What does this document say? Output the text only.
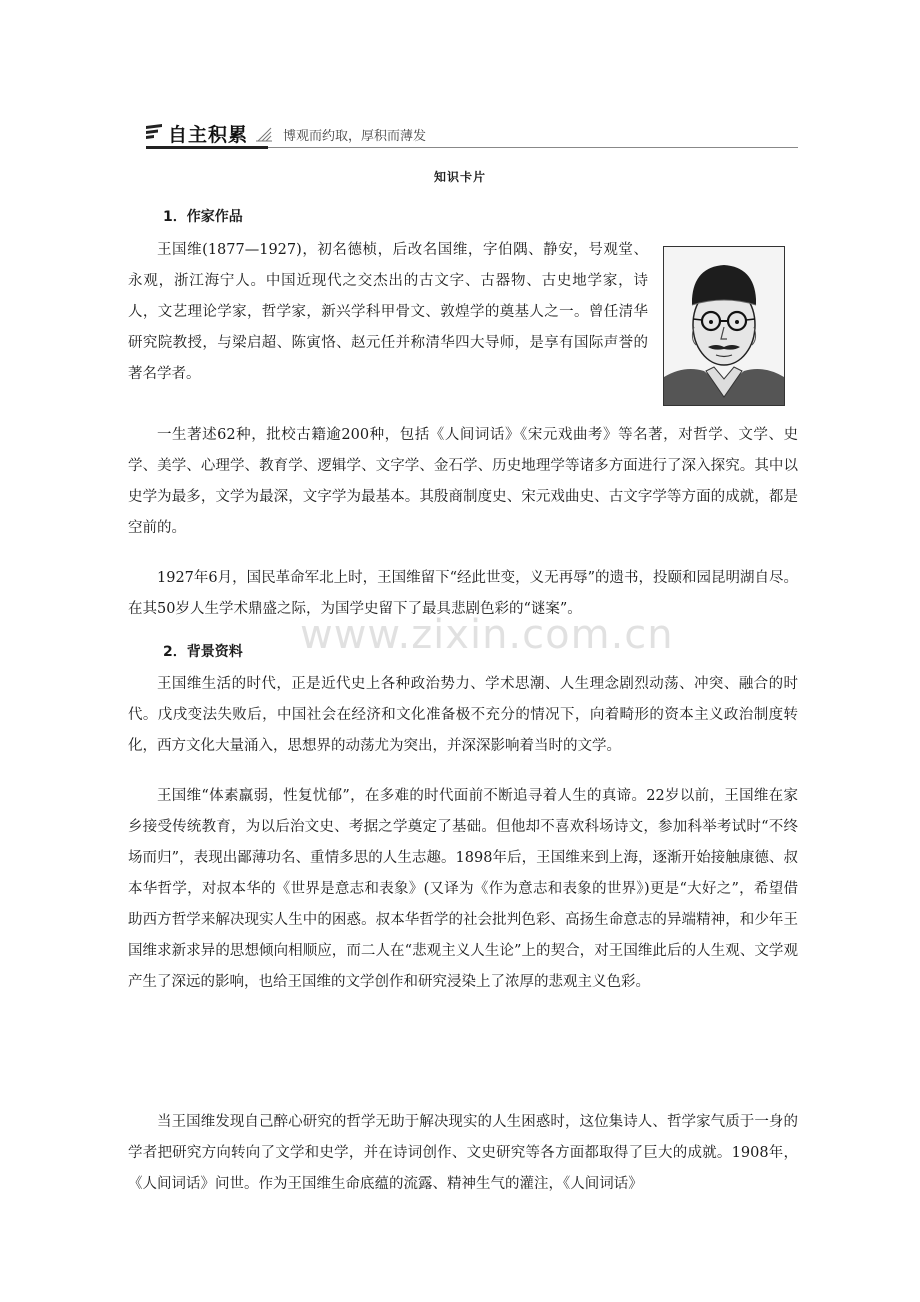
自主积累	博观而约取，厚积而薄发
知识卡片
1．作家作品

王国维(1877—1927)，初名德桢，后改名国维，字伯隅、静安，号观堂、永观，浙江海宁人。中国近现代之交杰出的古文字、古器物、古史地学家，诗人，文艺理论学家，哲学家，新兴学科甲骨文、敦煌学的奠基人之一。曾任清华研究院教授，与梁启超、陈寅恪、赵元任并称清华四大导师，是享有国际声誉的著名学者。

一生著述62种，批校古籍逾200种，包括《人间词话》《宋元戏曲考》等名著，对哲学、文学、史学、美学、心理学、教育学、逻辑学、文字学、金石学、历史地理学等诸多方面进行了深入探究。其中以史学为最多，文学为最深，文字学为最基本。其殷商制度史、宋元戏曲史、古文字学等方面的成就，都是空前的。

1927年6月，国民革命军北上时，王国维留下“经此世变，义无再辱”的遗书，投颐和园昆明湖自尽。在其50岁人生学术鼎盛之际，为国学史留下了最具悲剧色彩的“谜案”。

2．背景资料

王国维生活的时代，正是近代史上各种政治势力、学术思潮、人生理念剧烈动荡、冲突、融合的时代。戊戌变法失败后，中国社会在经济和文化准备极不充分的情况下，向着畸形的资本主义政治制度转化，西方文化大量涌入，思想界的动荡尤为突出，并深深影响着当时的文学。

王国维“体素羸弱，性复忧郁”，在多难的时代面前不断追寻着人生的真谛。22岁以前，王国维在家乡接受传统教育，为以后治文史、考据之学奠定了基础。但他却不喜欢科场诗文，参加科举考试时“不终场而归”，表现出鄙薄功名、重情多思的人生志趣。1898年后，王国维来到上海，逐渐开始接触康德、叔本华哲学，对叔本华的《世界是意志和表象》(又译为《作为意志和表象的世界》)更是“大好之”，希望借助西方哲学来解决现实人生中的困惑。叔本华哲学的社会批判色彩、高扬生命意志的异端精神，和少年王国维求新求异的思想倾向相顺应，而二人在“悲观主义人生论”上的契合，对王国维此后的人生观、文学观产生了深远的影响，也给王国维的文学创作和研究浸染上了浓厚的悲观主义色彩。

当王国维发现自己醉心研究的哲学无助于解决现实的人生困惑时，这位集诗人、哲学家气质于一身的学者把研究方向转向了文学和史学，并在诗词创作、文史研究等各方面都取得了巨大的成就。1908年，《人间词话》问世。作为王国维生命底蕴的流露、精神生气的灌注，《人间词话》

www.zixin.com.cn
